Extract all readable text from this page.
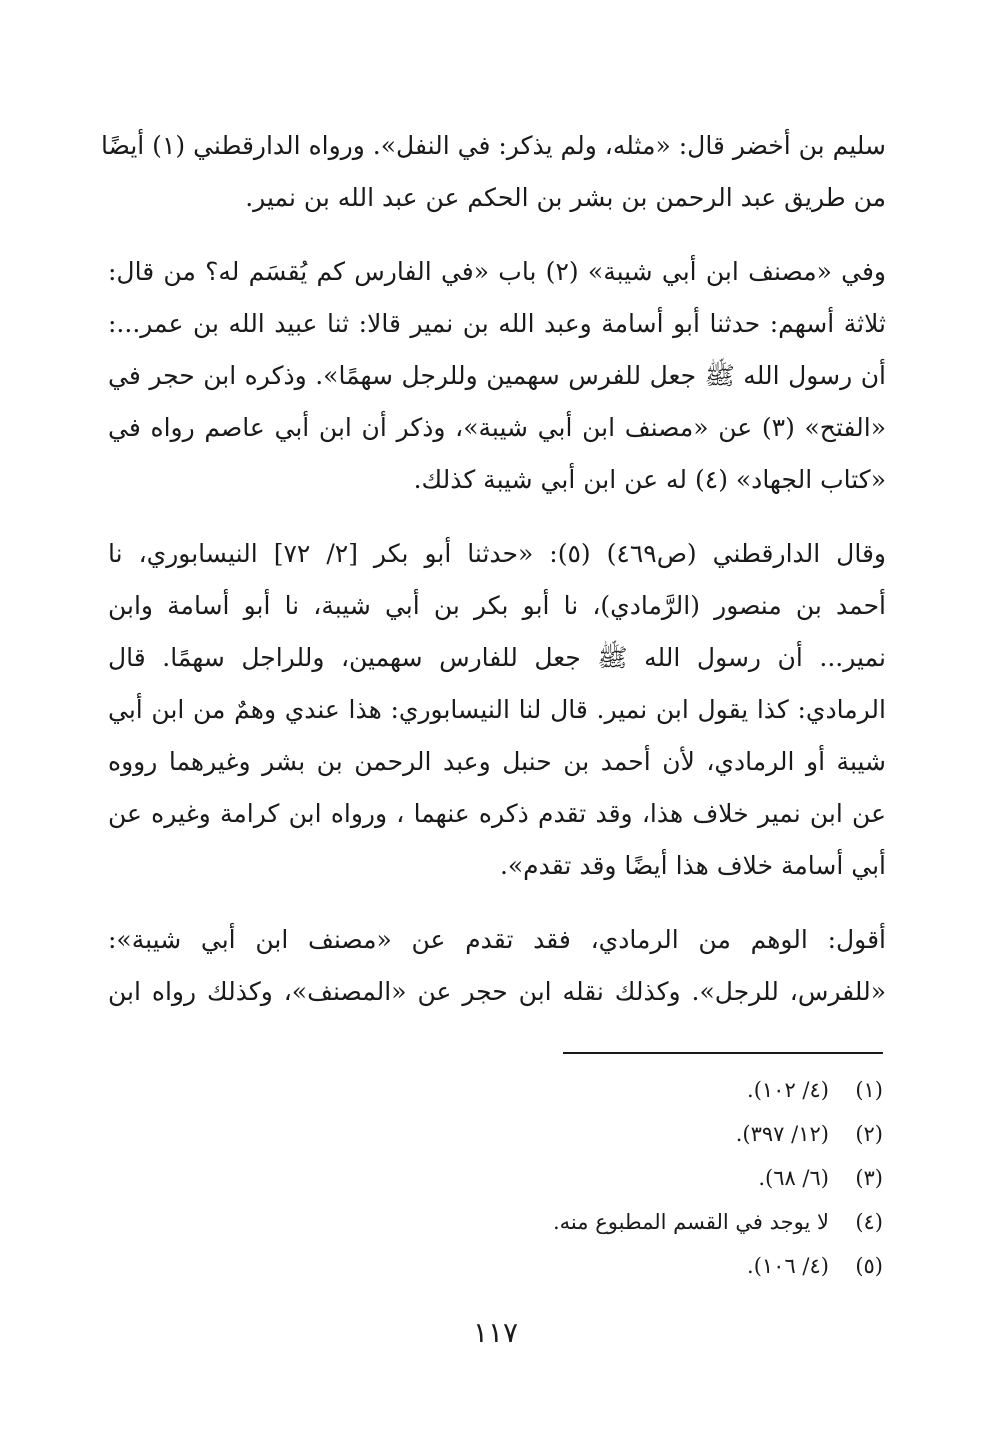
سليم بن أخضر قال: «مثله، ولم يذكر: في النفل». ورواه الدارقطني (١) أيضًا
من طريق عبد الرحمن بن بشر بن الحكم عن عبد الله بن نمير.

وفي «مصنف ابن أبي شيبة» (٢) باب «في الفارس كم يُقسَم له؟ من قال:
ثلاثة أسهم: حدثنا أبو أسامة وعبد الله بن نمير قالا: ثنا عبيد الله بن عمر...:
أن رسول الله ﷺ جعل للفرس سهمين وللرجل سهمًا». وذكره ابن حجر في
«الفتح» (٣) عن «مصنف ابن أبي شيبة»، وذكر أن ابن أبي عاصم رواه في
«كتاب الجهاد» (٤) له عن ابن أبي شيبة كذلك.

وقال الدارقطني (ص٤٦٩) (٥): «حدثنا أبو بكر [٢/ ٧٢] النيسابوري، نا
أحمد بن منصور (الرَّمادي)، نا أبو بكر بن أبي شيبة، نا أبو أسامة وابن
نمير... أن رسول الله ﷺ جعل للفارس سهمين، وللراجل سهمًا. قال
الرمادي: كذا يقول ابن نمير. قال لنا النيسابوري: هذا عندي وهمٌ من ابن أبي
شيبة أو الرمادي، لأن أحمد بن حنبل وعبد الرحمن بن بشر وغيرهما رووه
عن ابن نمير خلاف هذا، وقد تقدم ذكره عنهما ، ورواه ابن كرامة وغيره عن
أبي أسامة خلاف هذا أيضًا وقد تقدم».

أقول: الوهم من الرمادي، فقد تقدم عن «مصنف ابن أبي شيبة»:
«للفرس، للرجل». وكذلك نقله ابن حجر عن «المصنف»، وكذلك رواه ابن

(١)
(٤/ ١٠٢).
(٢)
(١٢/ ٣٩٧).
(٣)
(٦/ ٦٨).
(٤)
لا يوجد في القسم المطبوع منه.
(٥)
(٤/ ١٠٦).
١١٧
